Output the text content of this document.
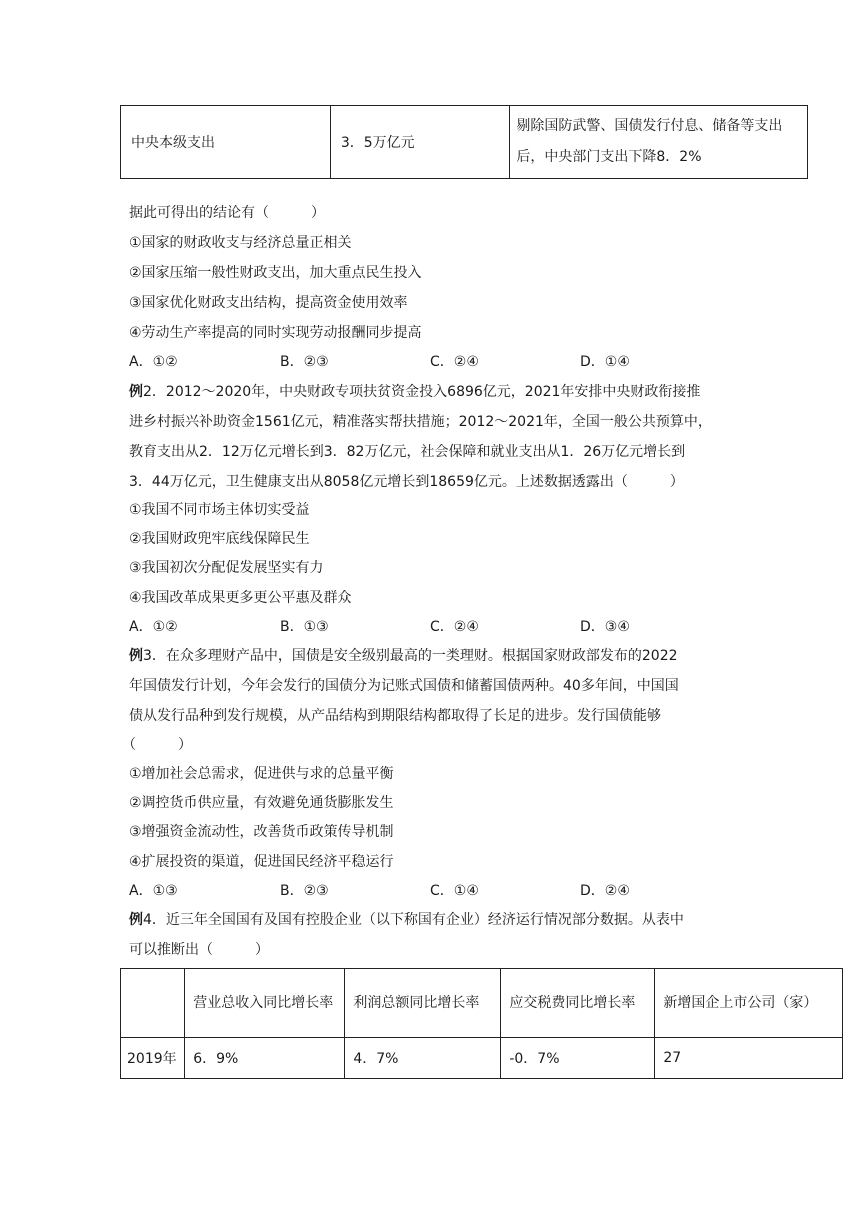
中央本级支出	3．5万亿元	剔除国防武警、国债发行付息、储备等支出后，中央部门支出下降8．2%
据此可得出的结论有（　　　）
①国家的财政收支与经济总量正相关
②国家压缩一般性财政支出，加大重点民生投入
③国家优化财政支出结构，提高资金使用效率
④劳动生产率提高的同时实现劳动报酬同步提高
A．①②	B．②③	C．②④	D．①④
例2．2012～2020年，中央财政专项扶贫资金投入6896亿元，2021年安排中央财政衔接推
进乡村振兴补助资金1561亿元，精准落实帮扶措施；2012～2021年，全国一般公共预算中，
教育支出从2．12万亿元增长到3．82万亿元，社会保障和就业支出从1．26万亿元增长到
3．44万亿元，卫生健康支出从8058亿元增长到18659亿元。上述数据透露出（　　　）
①我国不同市场主体切实受益
②我国财政兜牢底线保障民生
③我国初次分配促发展坚实有力
④我国改革成果更多更公平惠及群众
A．①②	B．①③	C．②④	D．③④
例3．在众多理财产品中，国债是安全级别最高的一类理财。根据国家财政部发布的2022
年国债发行计划，今年会发行的国债分为记账式国债和储蓄国债两种。40多年间，中国国
债从发行品种到发行规模，从产品结构到期限结构都取得了长足的进步。发行国债能够
（　　　）
①增加社会总需求，促进供与求的总量平衡
②调控货币供应量，有效避免通货膨胀发生
③增强资金流动性，改善货币政策传导机制
④扩展投资的渠道，促进国民经济平稳运行
A．①③	B．②③	C．①④	D．②④
例4．近三年全国国有及国有控股企业（以下称国有企业）经济运行情况部分数据。从表中
可以推断出（　　　）
	营业总收入同比增长率	利润总额同比增长率	应交税费同比增长率	新增国企上市公司（家）
2019年	6．9%	4．7%	-0．7%	27
